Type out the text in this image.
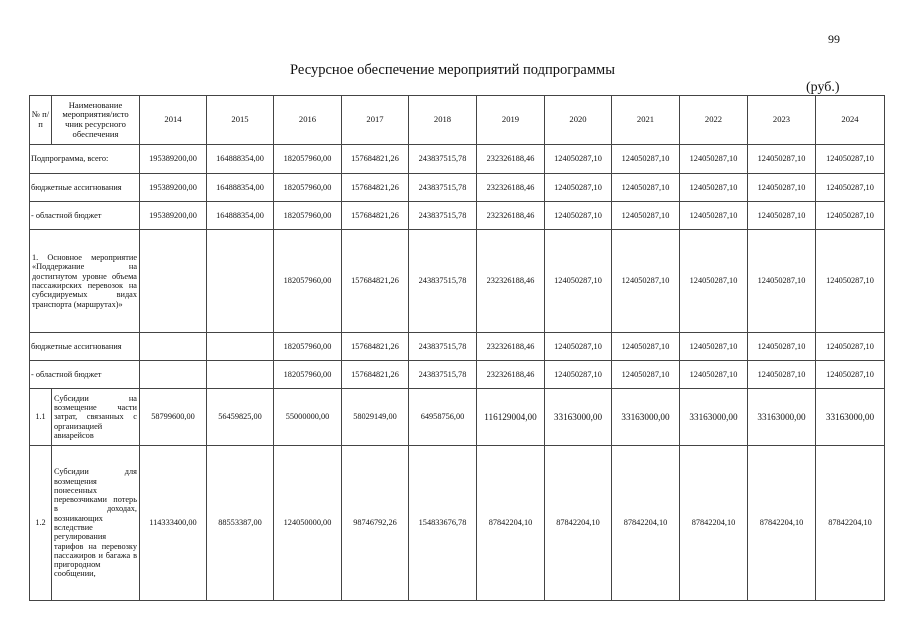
99
Ресурсное обеспечение мероприятий подпрограммы
(руб.)
№ п/п	Наименование мероприятия/исто чник ресурсного обеспечения	2014	2015	2016	2017	2018	2019	2020	2021	2022	2023	2024
Подпрограмма, всего:		195389200,00	164888354,00	182057960,00	157684821,26	243837515,78	232326188,46	124050287,10	124050287,10	124050287,10	124050287,10	124050287,10
бюджетные ассигнования		195389200,00	164888354,00	182057960,00	157684821,26	243837515,78	232326188,46	124050287,10	124050287,10	124050287,10	124050287,10	124050287,10
- областной бюджет		195389200,00	164888354,00	182057960,00	157684821,26	243837515,78	232326188,46	124050287,10	124050287,10	124050287,10	124050287,10	124050287,10
1. Основное мероприятие «Поддержание на достигнутом уровне объема пассажирских перевозок на субсидируемых видах транспорта (маршрутах)»				182057960,00	157684821,26	243837515,78	232326188,46	124050287,10	124050287,10	124050287,10	124050287,10	124050287,10
бюджетные ассигнования				182057960,00	157684821,26	243837515,78	232326188,46	124050287,10	124050287,10	124050287,10	124050287,10	124050287,10
- областной бюджет				182057960,00	157684821,26	243837515,78	232326188,46	124050287,10	124050287,10	124050287,10	124050287,10	124050287,10
1.1	Субсидии на возмещение части затрат, связанных с организацией авиарейсов	58799600,00	56459825,00	55000000,00	58029149,00	64958756,00	116129004,00	33163000,00	33163000,00	33163000,00	33163000,00	33163000,00
1.2	Субсидии для возмещения понесенных перевозчиками потерь в доходах, возникающих вследствие регулирования тарифов на перевозку пассажиров и багажа в пригородном сообщении,	114333400,00	88553387,00	124050000,00	98746792,26	154833676,78	87842204,10	87842204,10	87842204,10	87842204,10	87842204,10	87842204,10
